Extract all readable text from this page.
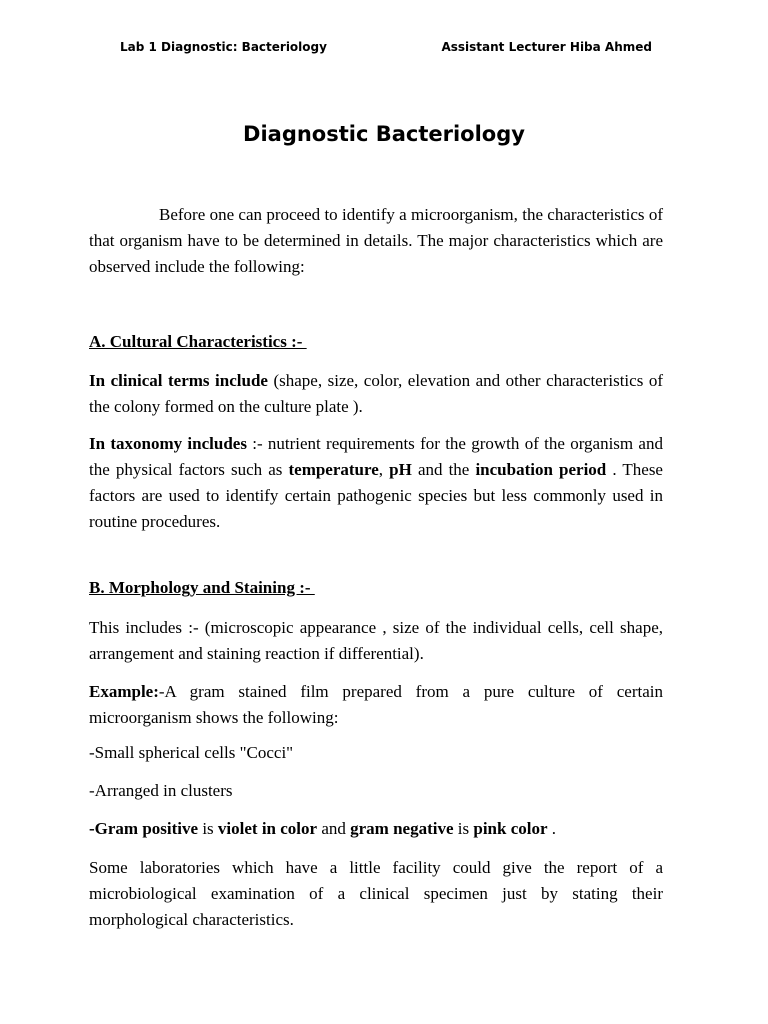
Lab 1 Diagnostic: Bacteriology	Assistant Lecturer Hiba Ahmed
Diagnostic Bacteriology

Before one can proceed to identify a microorganism, the characteristics of that organism have to be determined in details. The major characteristics which are observed include the following:

A. Cultural Characteristics :-

In clinical terms include (shape, size, color, elevation and other characteristics of the colony formed on the culture plate ).

In taxonomy includes :- nutrient requirements for the growth of the organism and the physical factors such as temperature, pH and the incubation period . These factors are used to identify certain pathogenic species but less commonly used in routine procedures.

B. Morphology and Staining :-

This includes :- (microscopic appearance , size of the individual cells, cell shape, arrangement and staining reaction if differential).

Example:-A gram stained film prepared from a pure culture of certain microorganism shows the following:

-Small spherical cells "Cocci"

-Arranged in clusters

-Gram positive is violet in color and gram negative is pink color .

Some laboratories which have a little facility could give the report of a microbiological examination of a clinical specimen just by stating their morphological characteristics.
